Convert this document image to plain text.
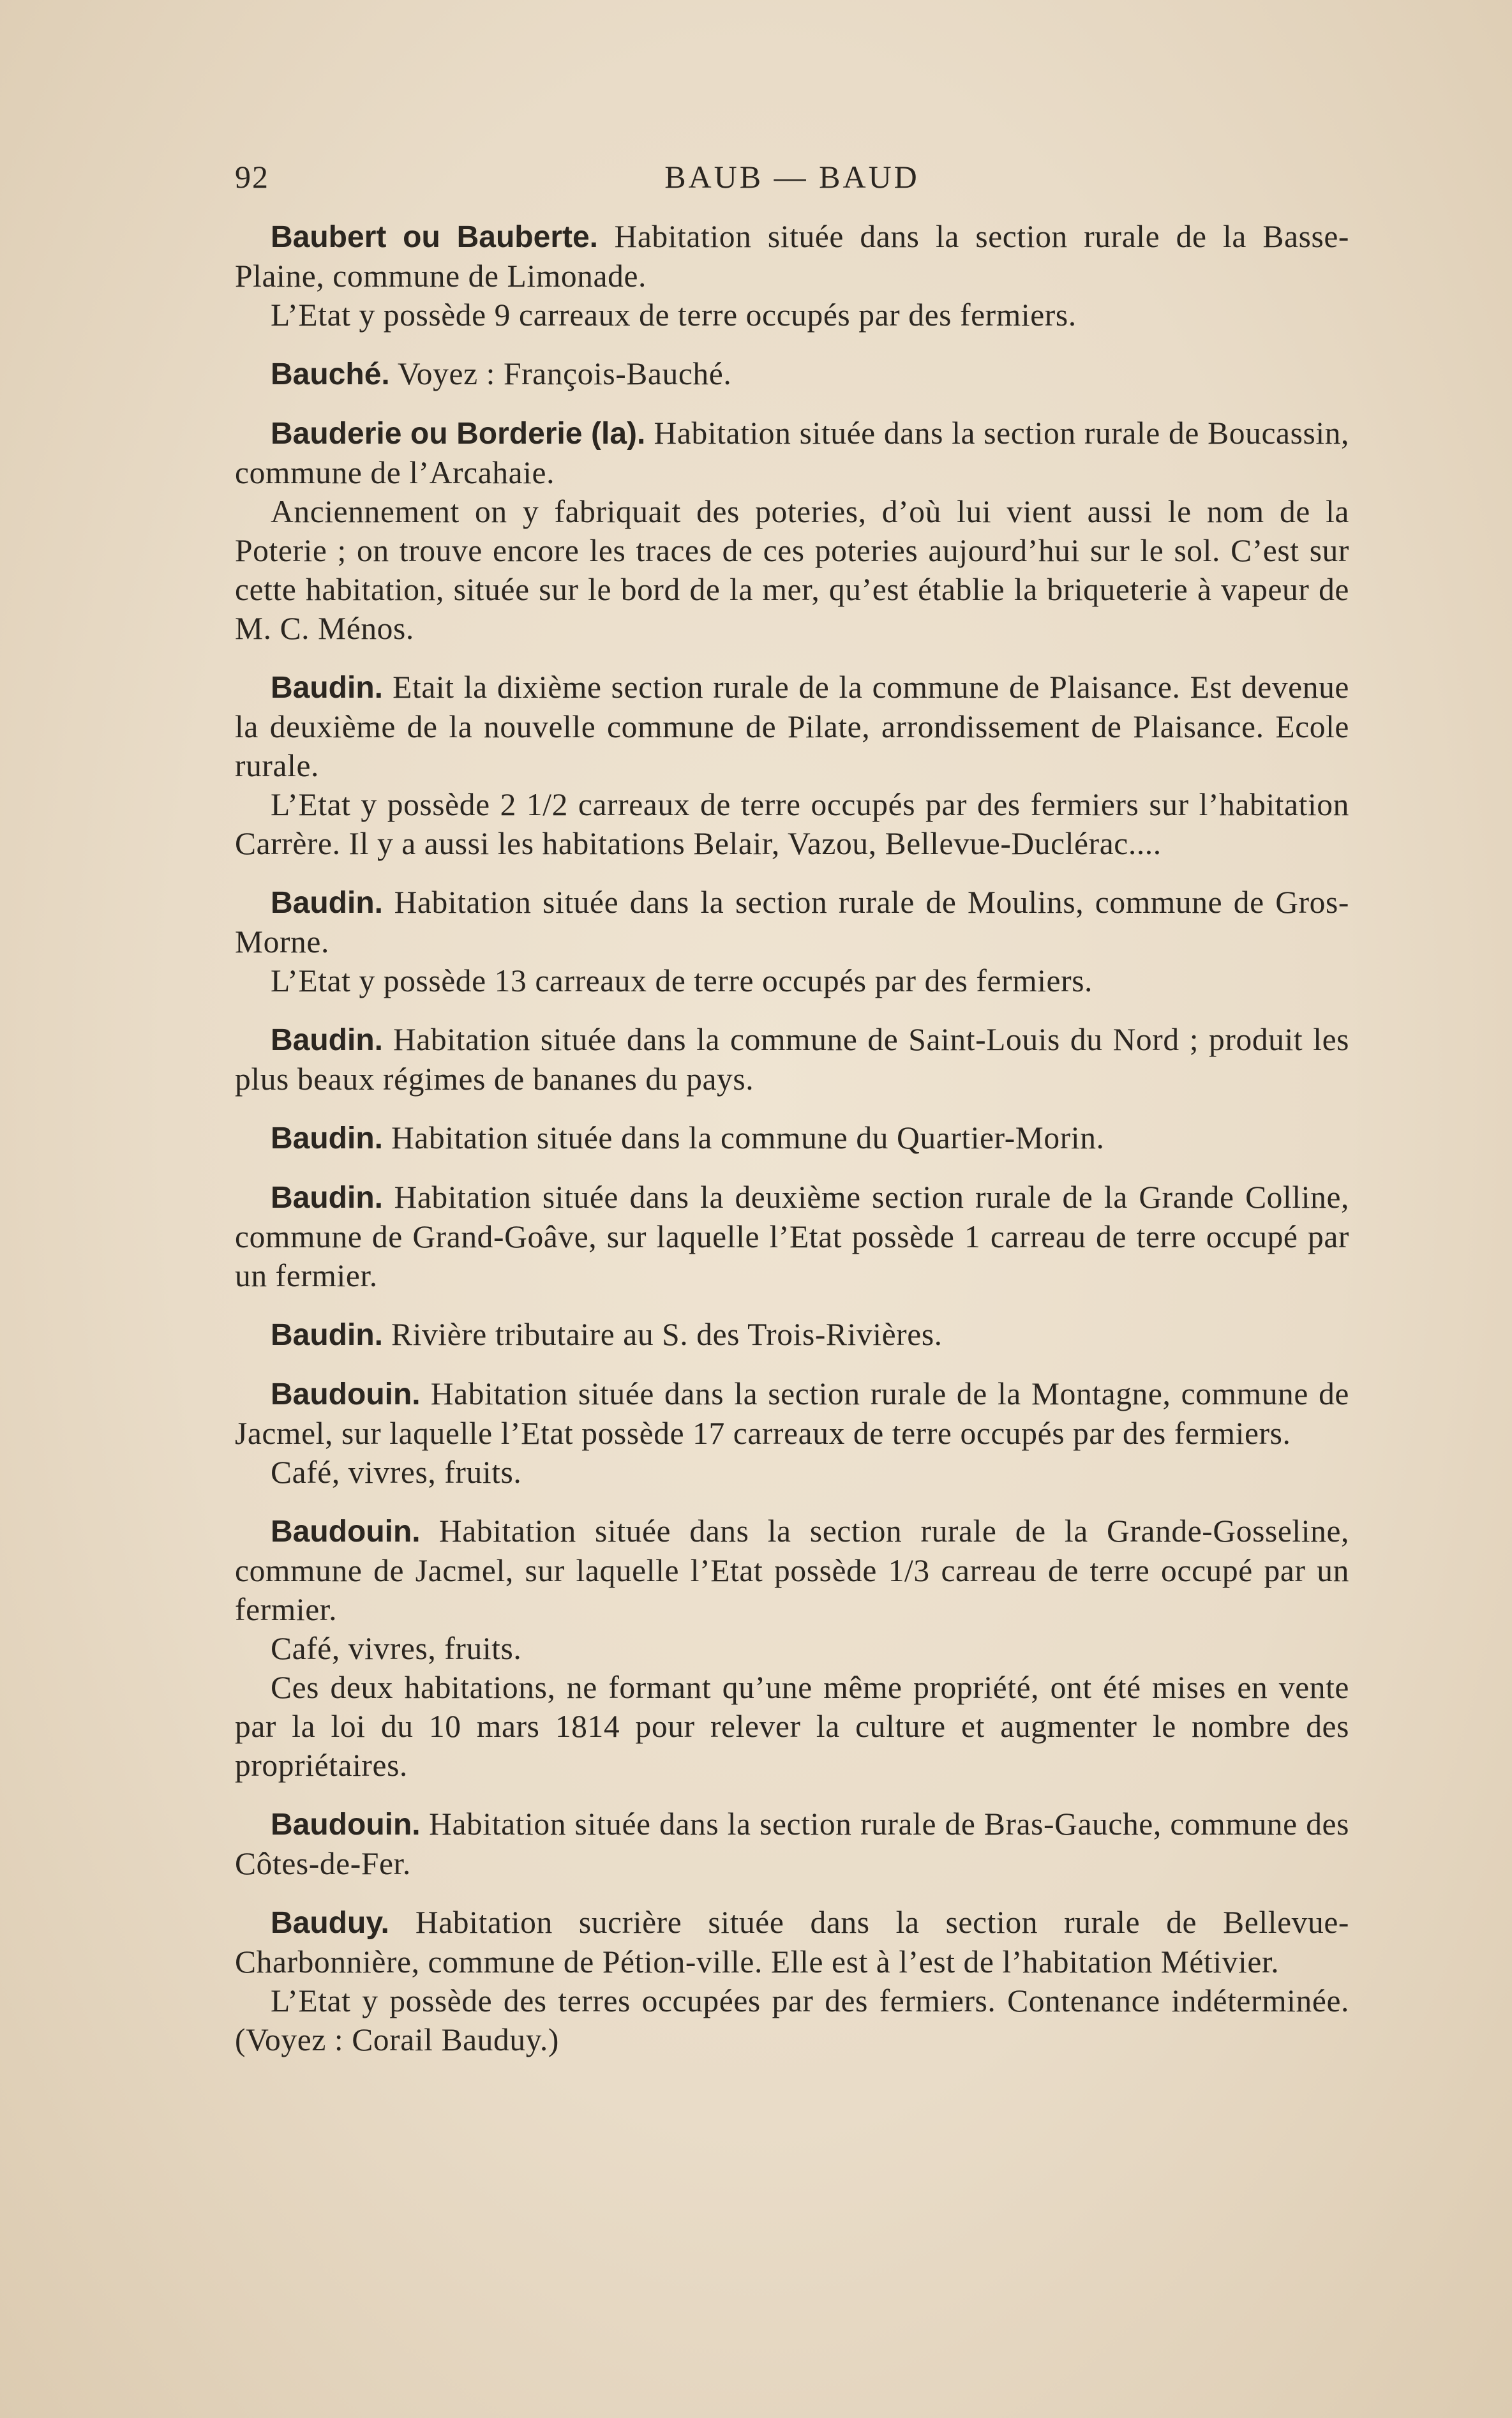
92	BAUB — BAUD

Baubert ou Bauberte. Habitation située dans la section rurale de la Basse-Plaine, commune de Limonade.

L’Etat y possède 9 carreaux de terre occupés par des fermiers.

Bauché. Voyez : François-Bauché.

Bauderie ou Borderie (la). Habitation située dans la section rurale de Boucassin, commune de l’Arcahaie.

Anciennement on y fabriquait des poteries, d’où lui vient aussi le nom de la Poterie ; on trouve encore les traces de ces poteries aujourd’hui sur le sol. C’est sur cette habitation, située sur le bord de la mer, qu’est établie la briqueterie à vapeur de M. C. Ménos.

Baudin. Etait la dixième section rurale de la commune de Plaisance. Est devenue la deuxième de la nouvelle commune de Pilate, arrondissement de Plaisance. Ecole rurale.

L’Etat y possède 2 1/2 carreaux de terre occupés par des fermiers sur l’habitation Carrère. Il y a aussi les habitations Belair, Vazou, Bellevue-Duclérac....

Baudin. Habitation située dans la section rurale de Moulins, commune de Gros-Morne.

L’Etat y possède 13 carreaux de terre occupés par des fermiers.

Baudin. Habitation située dans la commune de Saint-Louis du Nord ; produit les plus beaux régimes de bananes du pays.

Baudin. Habitation située dans la commune du Quartier-Morin.

Baudin. Habitation située dans la deuxième section rurale de la Grande Colline, commune de Grand-Goâve, sur laquelle l’Etat possède 1 carreau de terre occupé par un fermier.

Baudin. Rivière tributaire au S. des Trois-Rivières.

Baudouin. Habitation située dans la section rurale de la Montagne, commune de Jacmel, sur laquelle l’Etat possède 17 carreaux de terre occupés par des fermiers.

Café, vivres, fruits.

Baudouin. Habitation située dans la section rurale de la Grande-Gosseline, commune de Jacmel, sur laquelle l’Etat possède 1/3 carreau de terre occupé par un fermier.

Café, vivres, fruits.

Ces deux habitations, ne formant qu’une même propriété, ont été mises en vente par la loi du 10 mars 1814 pour relever la culture et augmenter le nombre des propriétaires.

Baudouin. Habitation située dans la section rurale de Bras-Gauche, commune des Côtes-de-Fer.

Bauduy. Habitation sucrière située dans la section rurale de Bellevue-Charbonnière, commune de Pétion-ville. Elle est à l’est de l’habitation Métivier.

L’Etat y possède des terres occupées par des fermiers. Contenance indéterminée. (Voyez : Corail Bauduy.)
